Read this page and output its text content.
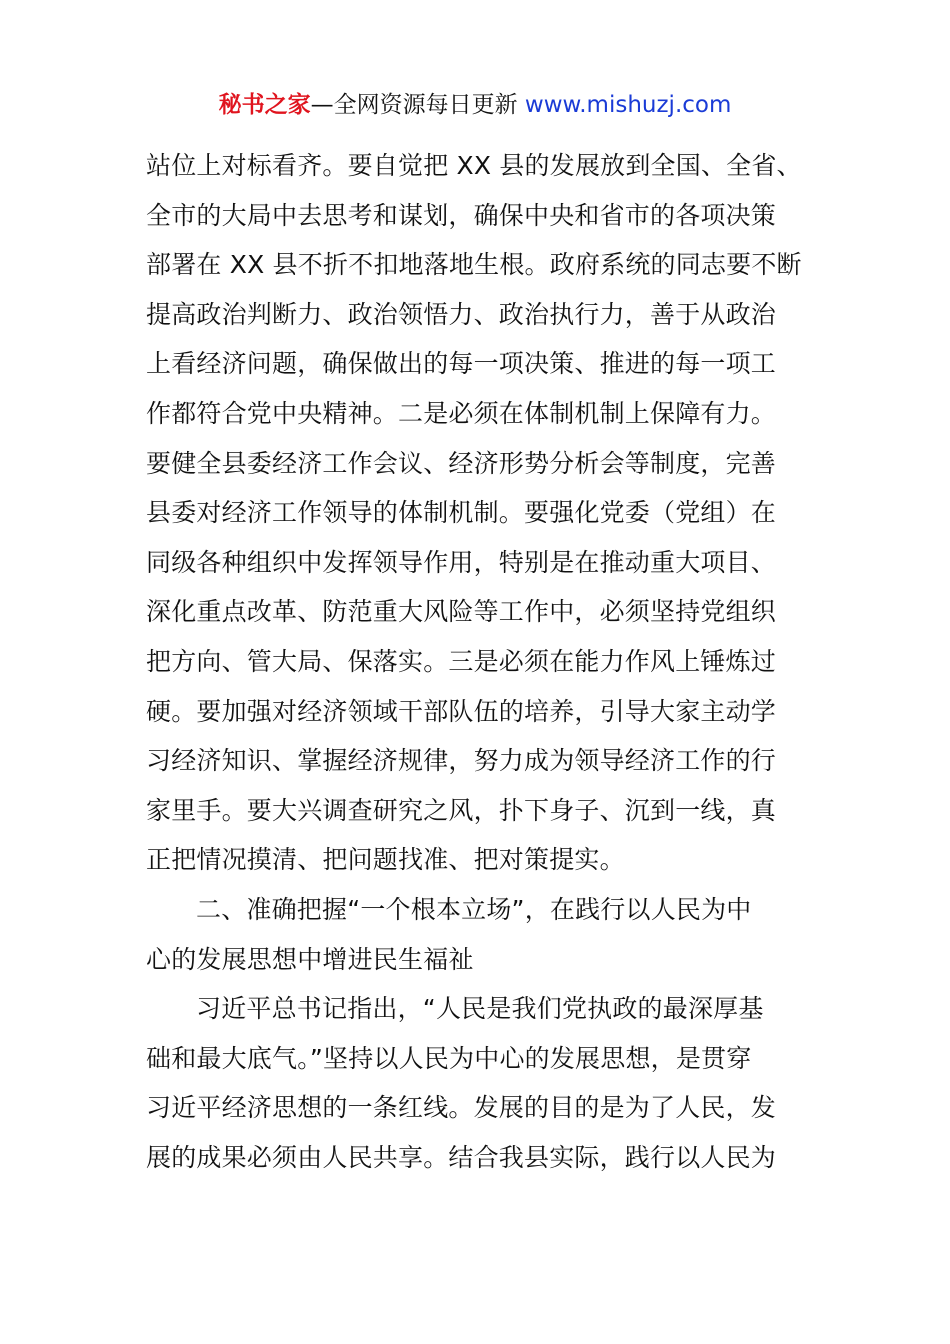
秘书之家—全网资源每日更新 www.mishuzj.com
站位上对标看齐。要自觉把 XX 县的发展放到全国、全省、
全市的大局中去思考和谋划，确保中央和省市的各项决策
部署在 XX 县不折不扣地落地生根。政府系统的同志要不断
提高政治判断力、政治领悟力、政治执行力，善于从政治
上看经济问题，确保做出的每一项决策、推进的每一项工
作都符合党中央精神。二是必须在体制机制上保障有力。
要健全县委经济工作会议、经济形势分析会等制度，完善
县委对经济工作领导的体制机制。要强化党委（党组）在
同级各种组织中发挥领导作用，特别是在推动重大项目、
深化重点改革、防范重大风险等工作中，必须坚持党组织
把方向、管大局、保落实。三是必须在能力作风上锤炼过
硬。要加强对经济领域干部队伍的培养，引导大家主动学
习经济知识、掌握经济规律，努力成为领导经济工作的行
家里手。要大兴调查研究之风，扑下身子、沉到一线，真
正把情况摸清、把问题找准、把对策提实。
二、准确把握“一个根本立场”，在践行以人民为中
心的发展思想中增进民生福祉
习近平总书记指出，“人民是我们党执政的最深厚基
础和最大底气。”坚持以人民为中心的发展思想，是贯穿
习近平经济思想的一条红线。发展的目的是为了人民，发
展的成果必须由人民共享。结合我县实际，践行以人民为
